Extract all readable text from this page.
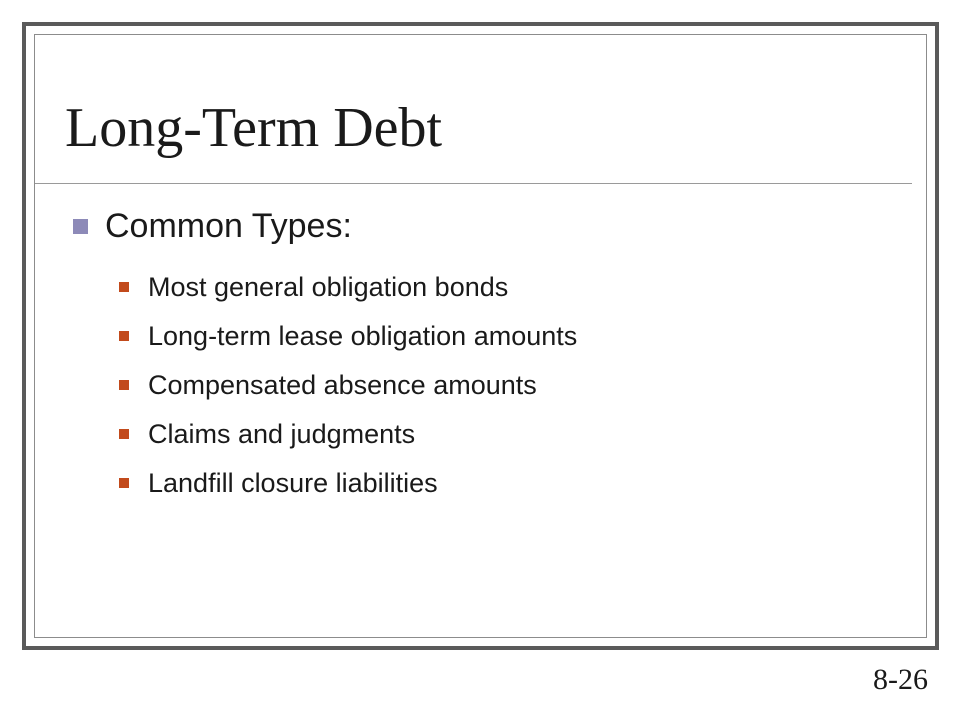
Long-Term Debt
Common Types:
Most general obligation bonds
Long-term lease obligation amounts
Compensated absence amounts
Claims and judgments
Landfill closure liabilities
8-26
